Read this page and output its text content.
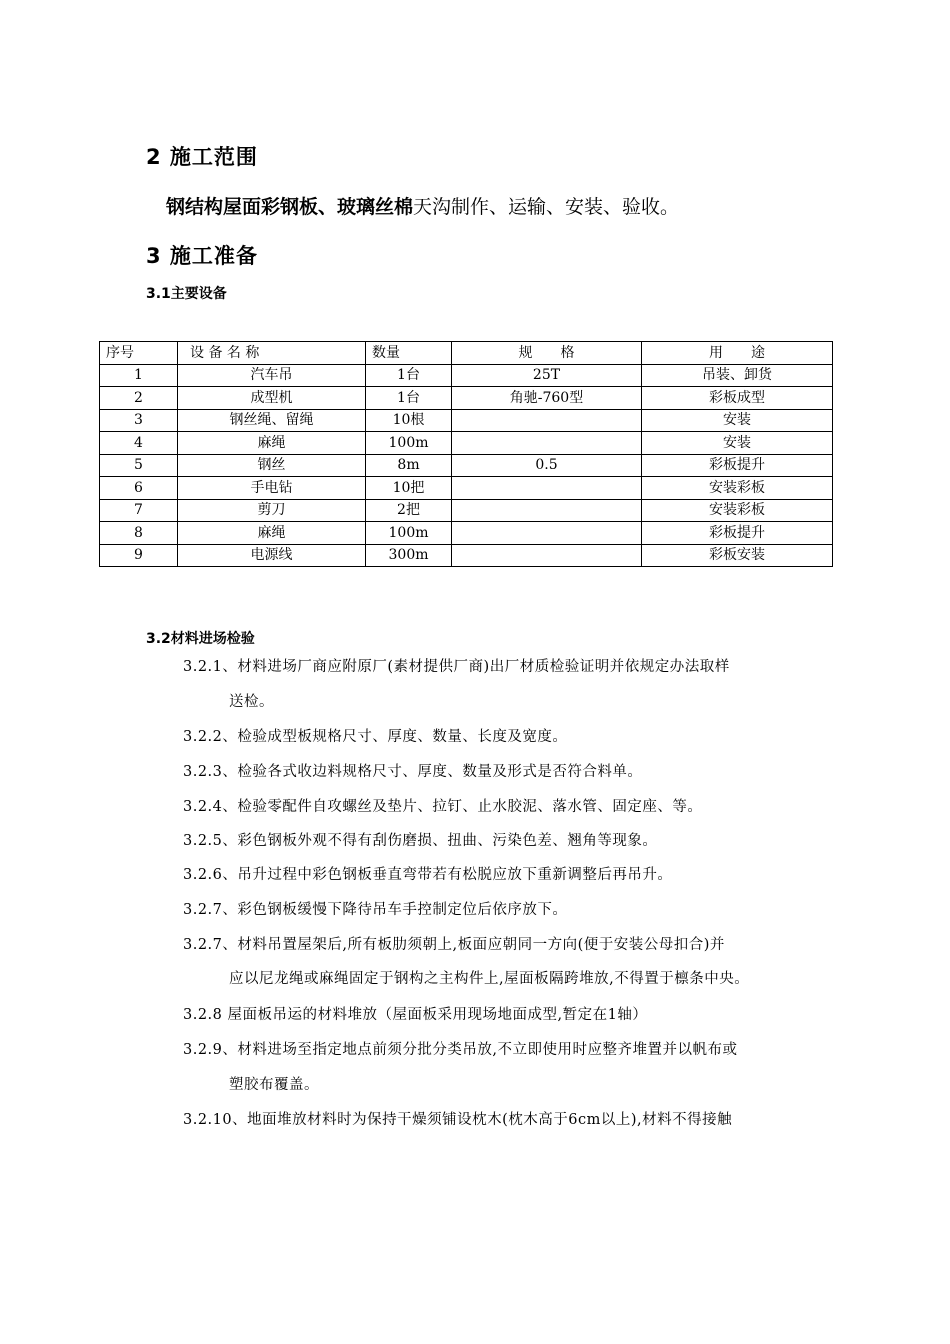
2 施工范围
钢结构屋面彩钢板、玻璃丝棉天沟制作、运输、安装、验收。
3 施工准备
3.1主要设备
序号	设 备 名 称	数量	规　　格	用　　途
1	汽车吊	1台	25T	吊装、卸货
2	成型机	1台	角驰-760型	彩板成型
3	钢丝绳、留绳	10根		安装
4	麻绳	100m		安装
5	钢丝	8m	0.5	彩板提升
6	手电钻	10把		安装彩板
7	剪刀	2把		安装彩板
8	麻绳	100m		彩板提升
9	电源线	300m		彩板安装
3.2材料进场检验
3.2.1、材料进场厂商应附原厂(素材提供厂商)出厂材质检验证明并依规定办法取样
送检。
3.2.2、检验成型板规格尺寸、厚度、数量、长度及宽度。
3.2.3、检验各式收边料规格尺寸、厚度、数量及形式是否符合料单。
3.2.4、检验零配件自攻螺丝及垫片、拉钉、止水胶泥、落水管、固定座、等。
3.2.5、彩色钢板外观不得有刮伤磨损、扭曲、污染色差、翘角等现象。
3.2.6、吊升过程中彩色钢板垂直弯带若有松脱应放下重新调整后再吊升。
3.2.7、彩色钢板缓慢下降待吊车手控制定位后依序放下。
3.2.7、材料吊置屋架后,所有板肋须朝上,板面应朝同一方向(便于安装公母扣合)并
应以尼龙绳或麻绳固定于钢构之主构件上,屋面板隔跨堆放,不得置于檩条中央。
3.2.8 屋面板吊运的材料堆放（屋面板采用现场地面成型,暂定在1轴）
3.2.9、材料进场至指定地点前须分批分类吊放,不立即使用时应整齐堆置并以帆布或
塑胶布覆盖。
3.2.10、地面堆放材料时为保持干燥须铺设枕木(枕木高于6cm以上),材料不得接触
